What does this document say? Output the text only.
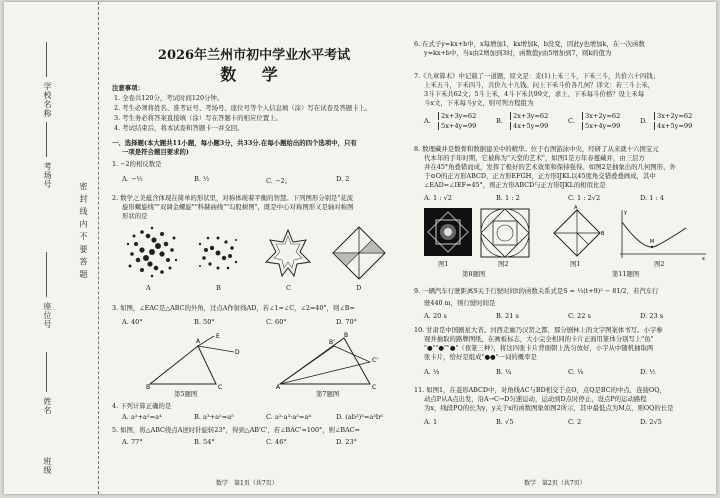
学校名称
考场号
密 封 线 内 不 要 答 题
座位号
姓名
班级
2026年兰州市初中学业水平考试
数 学
注意事项：
1. 全卷共120分，考试时间120分钟。
2. 考生必须将姓名、准考证号、考场号、座位号等个人信息填（涂）写在试卷及答题卡上。
3. 考生务必将答案直接填（涂）写在答题卡的相应位置上。
4. 考试结束后，将本试卷和答题卡一并交回。
一、选择题(本大题共11小题，每小题3分，共33分.在每小题给出的四个选项中，只有
一项是符合题目要求的)
1. −2的相反数是
A. −½	B. ½	C. −2。	D. 2
2. 数学之美蕴含体现在简单的形状里，对称体现着平衡的智慧。下列图形分别是"花流
旋形螺旋线""双调金螺旋""科赫曲线""勾股树图"，既是中心对称图形又是轴对称图
形状的是
A	B	C	D
3. 如图，∠EAC是△ABC的外角，过点A作射线AD，若∠1=∠C，∠2=40°，则∠B=
A. 40°	B. 50°	C. 60°	D. 70°
B	C
A
E
D
第5题图
A	C
B
C'
B'
第7题图
4. 下列计算正确的是
A. a²+a²=a⁴	B. a³+a²=a⁵	C. a²·a³·a²=a⁴	D. (ab²)³=a³b⁶
5. 如图，将△ABC绕点A逆时针旋转23°，得到△AB'C'，若∠BAC'=100°，则∠BAC=
A. 77°	B. 54°	C. 46°	D. 23°
数学　第1页（共7页）
6. 在式子y=kx+b中，x每增加1，kx增加k，b没变，因此y也增加k，在一次函数
y=kx+b中，当x由2增加到3时，函数值y由5增加到7，则k的值为
7.《九章算术》中记载了一道题，原文是：麦(1)上禾三斗，下禾三斗，共价六十四钱；
上禾五斗，下禾四斗，共价九十九钱。问上下禾斗价各几何？译文：若三斗上禾，
3斗下禾共62文；5斗上禾，4斗下禾共99文，求上、下禾每斗价格？设上禾每
斗x文，下禾每斗y文，则可列方程组为
A.
2x+3y=62
5x+4y=99
B.
2x+3y=62
4x+5y=99
C.
3x+2y=62
5x+4y=99
D.
3x+2y=62
4x+5y=99
8. 数理藏并是数骨和数据建美中的精华。位于右图游泳中央，经研了从来就十六国宝元
代本年的手年时期，它被称为"天堂的艺术"，如图1是万年春蔓藏并，由三层方
并在45°角叠错而成，发挥了极好的艺术效果和保持强得。如图2是抽象出的几何图形，外
于⊙O的正方形ABCD，正方形EFGH，正方形IJKL以45度角交错叠叠画成，其中
∠EAD=∠IEF=45°，则正方形ABCD与正方形IJKL的相似比是
A. 1 : √2	B. 1 : 2	C. 1 : 2√2	D. 1 : 4
A
B
M
x
y
图1	图2
第8题图
图1	图2
第11题图
9. 一辆汽车行驶距离S关于行驶时间t的函数关系式是S = ½(t+9)² − 81/2，若汽车行
驶440 m，则行驶时间是
A. 20 s	B. 21 s	C. 22 s	D. 23 s
10. 甘肃是中国剧星大省。河西走廊乃汉贤之都，那分剧林上的文字图案体书写。小宇参
观并抽取的路牌图纸，在画板标志，大小完全相同的卡片正面用篆体分别写上"鱼"
"●""●""●"（夜篆三种），将这四张卡片背面朝上洗匀放好，小宇从中随机抽取两
张卡片，恰好是组成"●●"一词的概率是
A. ⅓	B. ¼	C. ⅙	D. ½
11. 如图1，在菱形ABCD中，对角线AC与BD相交于点O，点Q是BC的中点，连接OQ，
动点P从A点出发，沿A→C→D匀速运动，运动到D点时停止，设点P的运动路程
为x，线段PQ的长为y，y关于x的函数图象如图2所示，其中最低点为M点，则OQ的长是
A. 1	B. √5	C. 2	D. 2√5
数学　第2页（共7页）
